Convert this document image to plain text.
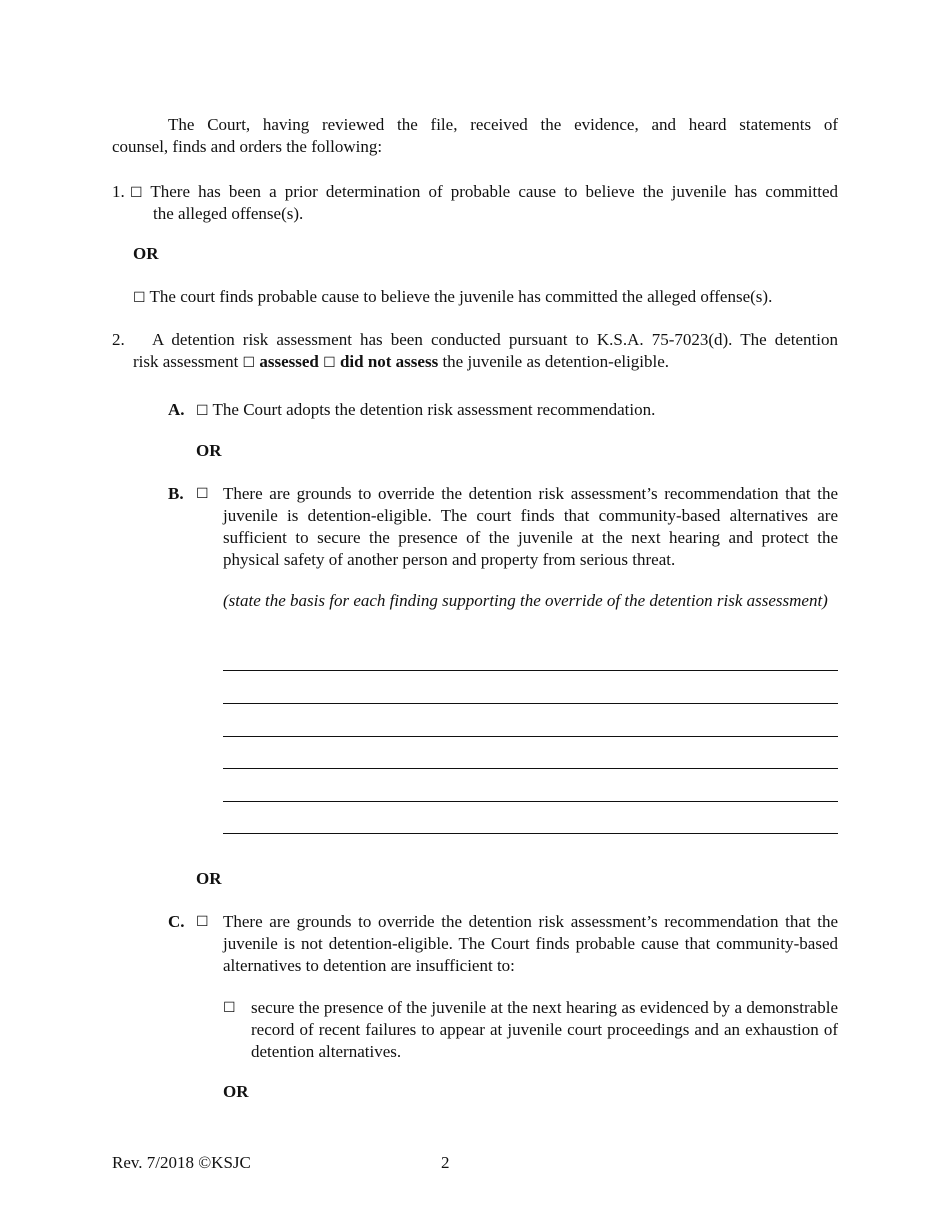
The Court, having reviewed the file, received the evidence, and heard statements of
counsel, finds and orders the following:
1. ☐ There has been a prior determination of probable cause to believe the juvenile has committed
the alleged offense(s).
OR
☐ The court finds probable cause to believe the juvenile has committed the alleged offense(s).
2. A detention risk assessment has been conducted pursuant to K.S.A. 75-7023(d). The detention
risk assessment ☐ assessed ☐ did not assess the juvenile as detention-eligible.
A. ☐ The Court adopts the detention risk assessment recommendation.
OR
B. ☐ There are grounds to override the detention risk assessment’s recommendation that the juvenile is detention-eligible. The court finds that community-based alternatives are sufficient to secure the presence of the juvenile at the next hearing and protect the physical safety of another person and property from serious threat.
(state the basis for each finding supporting the override of the detention risk assessment)
OR
C. ☐ There are grounds to override the detention risk assessment’s recommendation that the juvenile is not detention-eligible. The Court finds probable cause that community-based alternatives to detention are insufficient to:
☐ secure the presence of the juvenile at the next hearing as evidenced by a demonstrable record of recent failures to appear at juvenile court proceedings and an exhaustion of detention alternatives.
OR
Rev. 7/2018 ©KSJC	2
